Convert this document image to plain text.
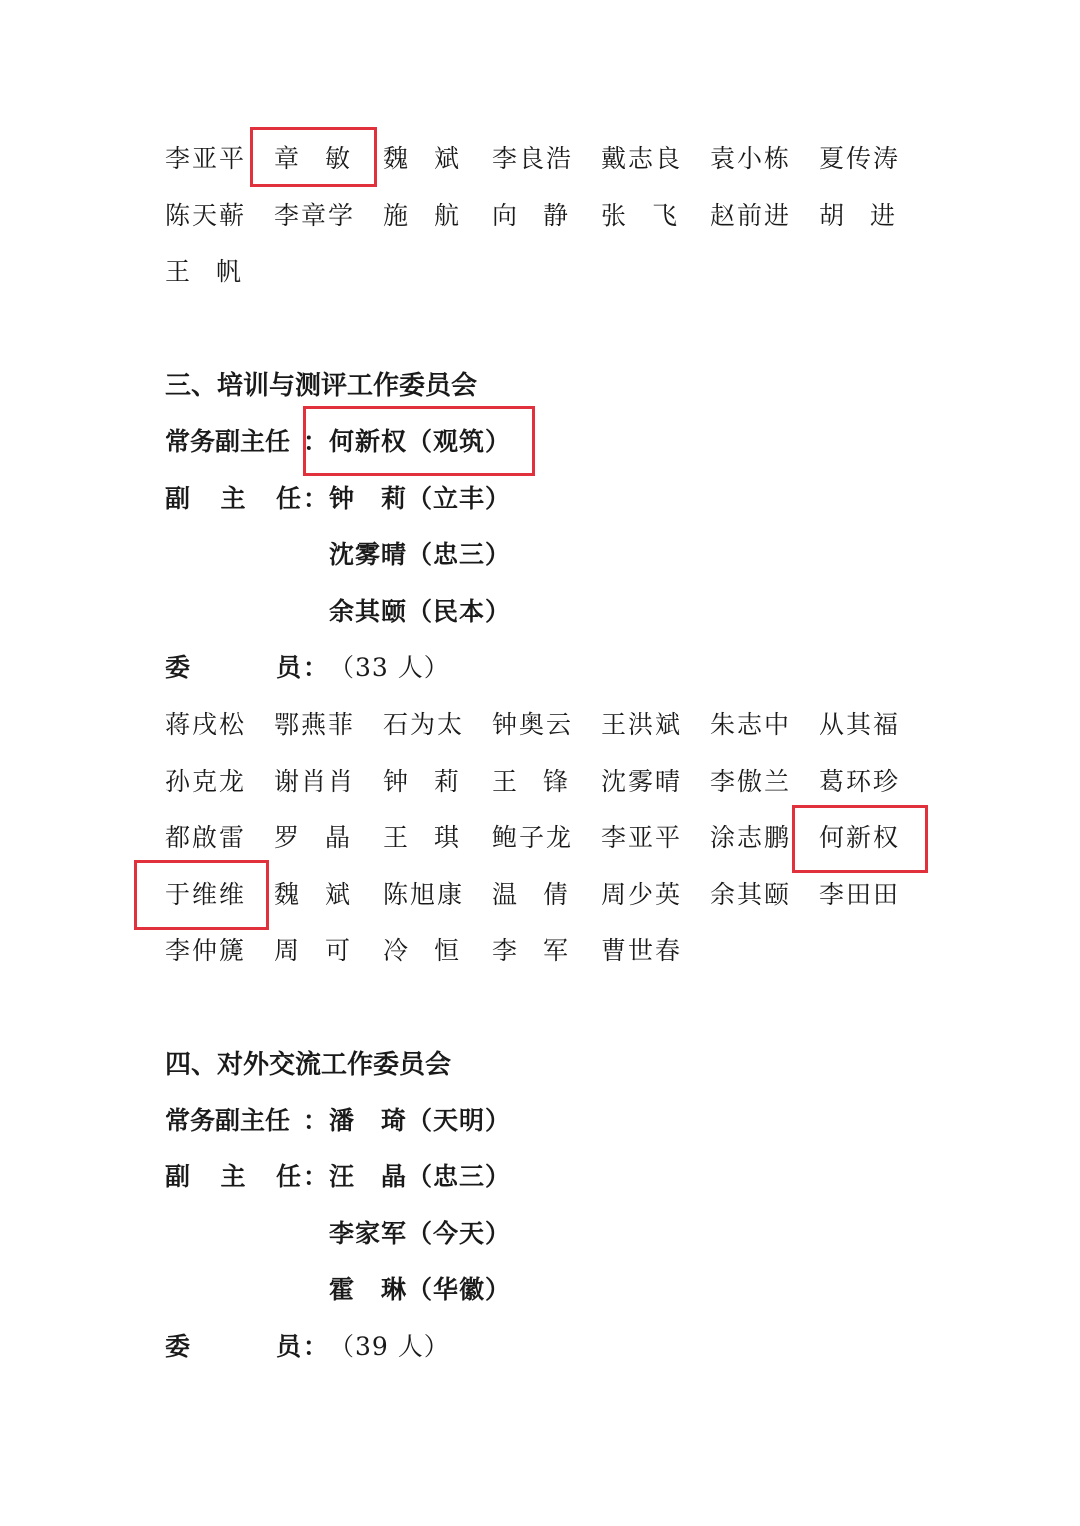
李亚平 章 敏 魏 斌 李良浩 戴志良 袁小栋 夏传涛
陈天蕲 李章学 施 航 向 静 张 飞 赵前进 胡 进
王 帆
三、培训与测评工作委员会
常务副主任 ： 何新权（观筑）
副 主 任 ： 钟 莉 （立丰）
沈雾晴（忠三）
余其颐（民本）
委	员 ： （33 人）
蒋戌松 鄂燕菲 石为太 钟奥云 王洪斌 朱志中 从其福
孙克龙 谢肖肖 钟 莉 王 锋 沈雾晴 李傲兰 葛环珍
都啟雷 罗 晶 王 琪 鲍子龙 李亚平 涂志鹏 何新权
于维维 魏 斌 陈旭康 温 倩 周少英 余其颐 李田田
李仲篪 周 可 冷 恒 李 军 曹世春
四、对外交流工作委员会
常务副主任 ： 潘 琦 （天明）
副 主 任 ： 汪 晶 （忠三）
李家军（今天）
霍 琳 （华徽）
委	员 ： （39 人）
